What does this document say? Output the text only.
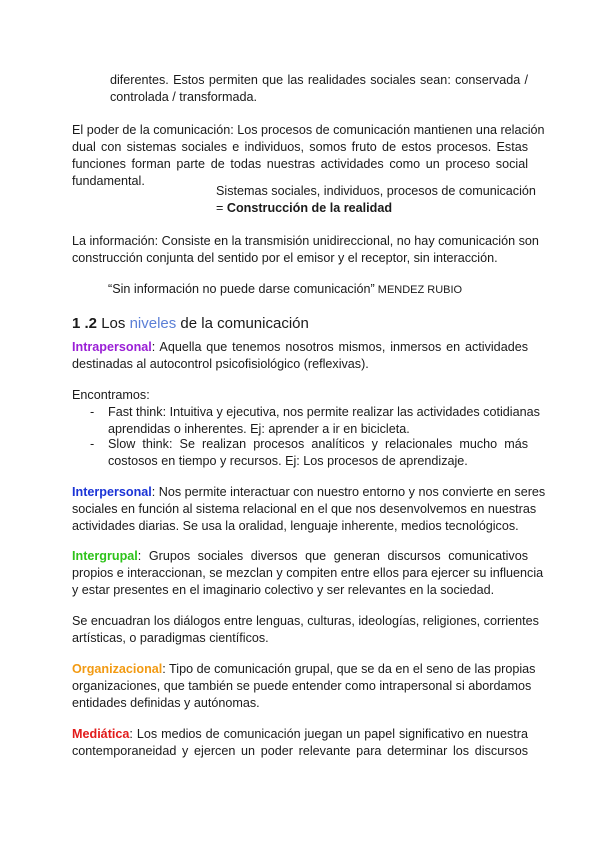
diferentes. Estos permiten que las realidades sociales sean: conservada /
controlada / transformada.
El poder de la comunicación: Los procesos de comunicación mantienen una relación
dual con sistemas sociales e individuos, somos fruto de estos procesos. Estas
funciones forman parte de todas nuestras actividades como un proceso social
fundamental.
Sistemas sociales, individuos, procesos de comunicación
= Construcción de la realidad
La información: Consiste en la transmisión unidireccional, no hay comunicación son
construcción conjunta del sentido por el emisor y el receptor, sin interacción.
“Sin información no puede darse comunicación” MENDEZ RUBIO
1 .2 Los niveles de la comunicación
Intrapersonal: Aquella que tenemos nosotros mismos, inmersos en actividades
destinadas al autocontrol psicofisiológico (reflexivas).
Encontramos:
- Fast think: Intuitiva y ejecutiva, nos permite realizar las actividades cotidianas
aprendidas o inherentes. Ej: aprender a ir en bicicleta.
- Slow think: Se realizan procesos analíticos y relacionales mucho más
costosos en tiempo y recursos. Ej: Los procesos de aprendizaje.
Interpersonal: Nos permite interactuar con nuestro entorno y nos convierte en seres
sociales en función al sistema relacional en el que nos desenvolvemos en nuestras
actividades diarias. Se usa la oralidad, lenguaje inherente, medios tecnológicos.
Intergrupal: Grupos sociales diversos que generan discursos comunicativos
propios e interaccionan, se mezclan y compiten entre ellos para ejercer su influencia
y estar presentes en el imaginario colectivo y ser relevantes en la sociedad.
Se encuadran los diálogos entre lenguas, culturas, ideologías, religiones, corrientes
artísticas, o paradigmas científicos.
Organizacional: Tipo de comunicación grupal, que se da en el seno de las propias
organizaciones, que también se puede entender como intrapersonal si abordamos
entidades definidas y autónomas.
Mediática: Los medios de comunicación juegan un papel significativo en nuestra
contemporaneidad y ejercen un poder relevante para determinar los discursos
